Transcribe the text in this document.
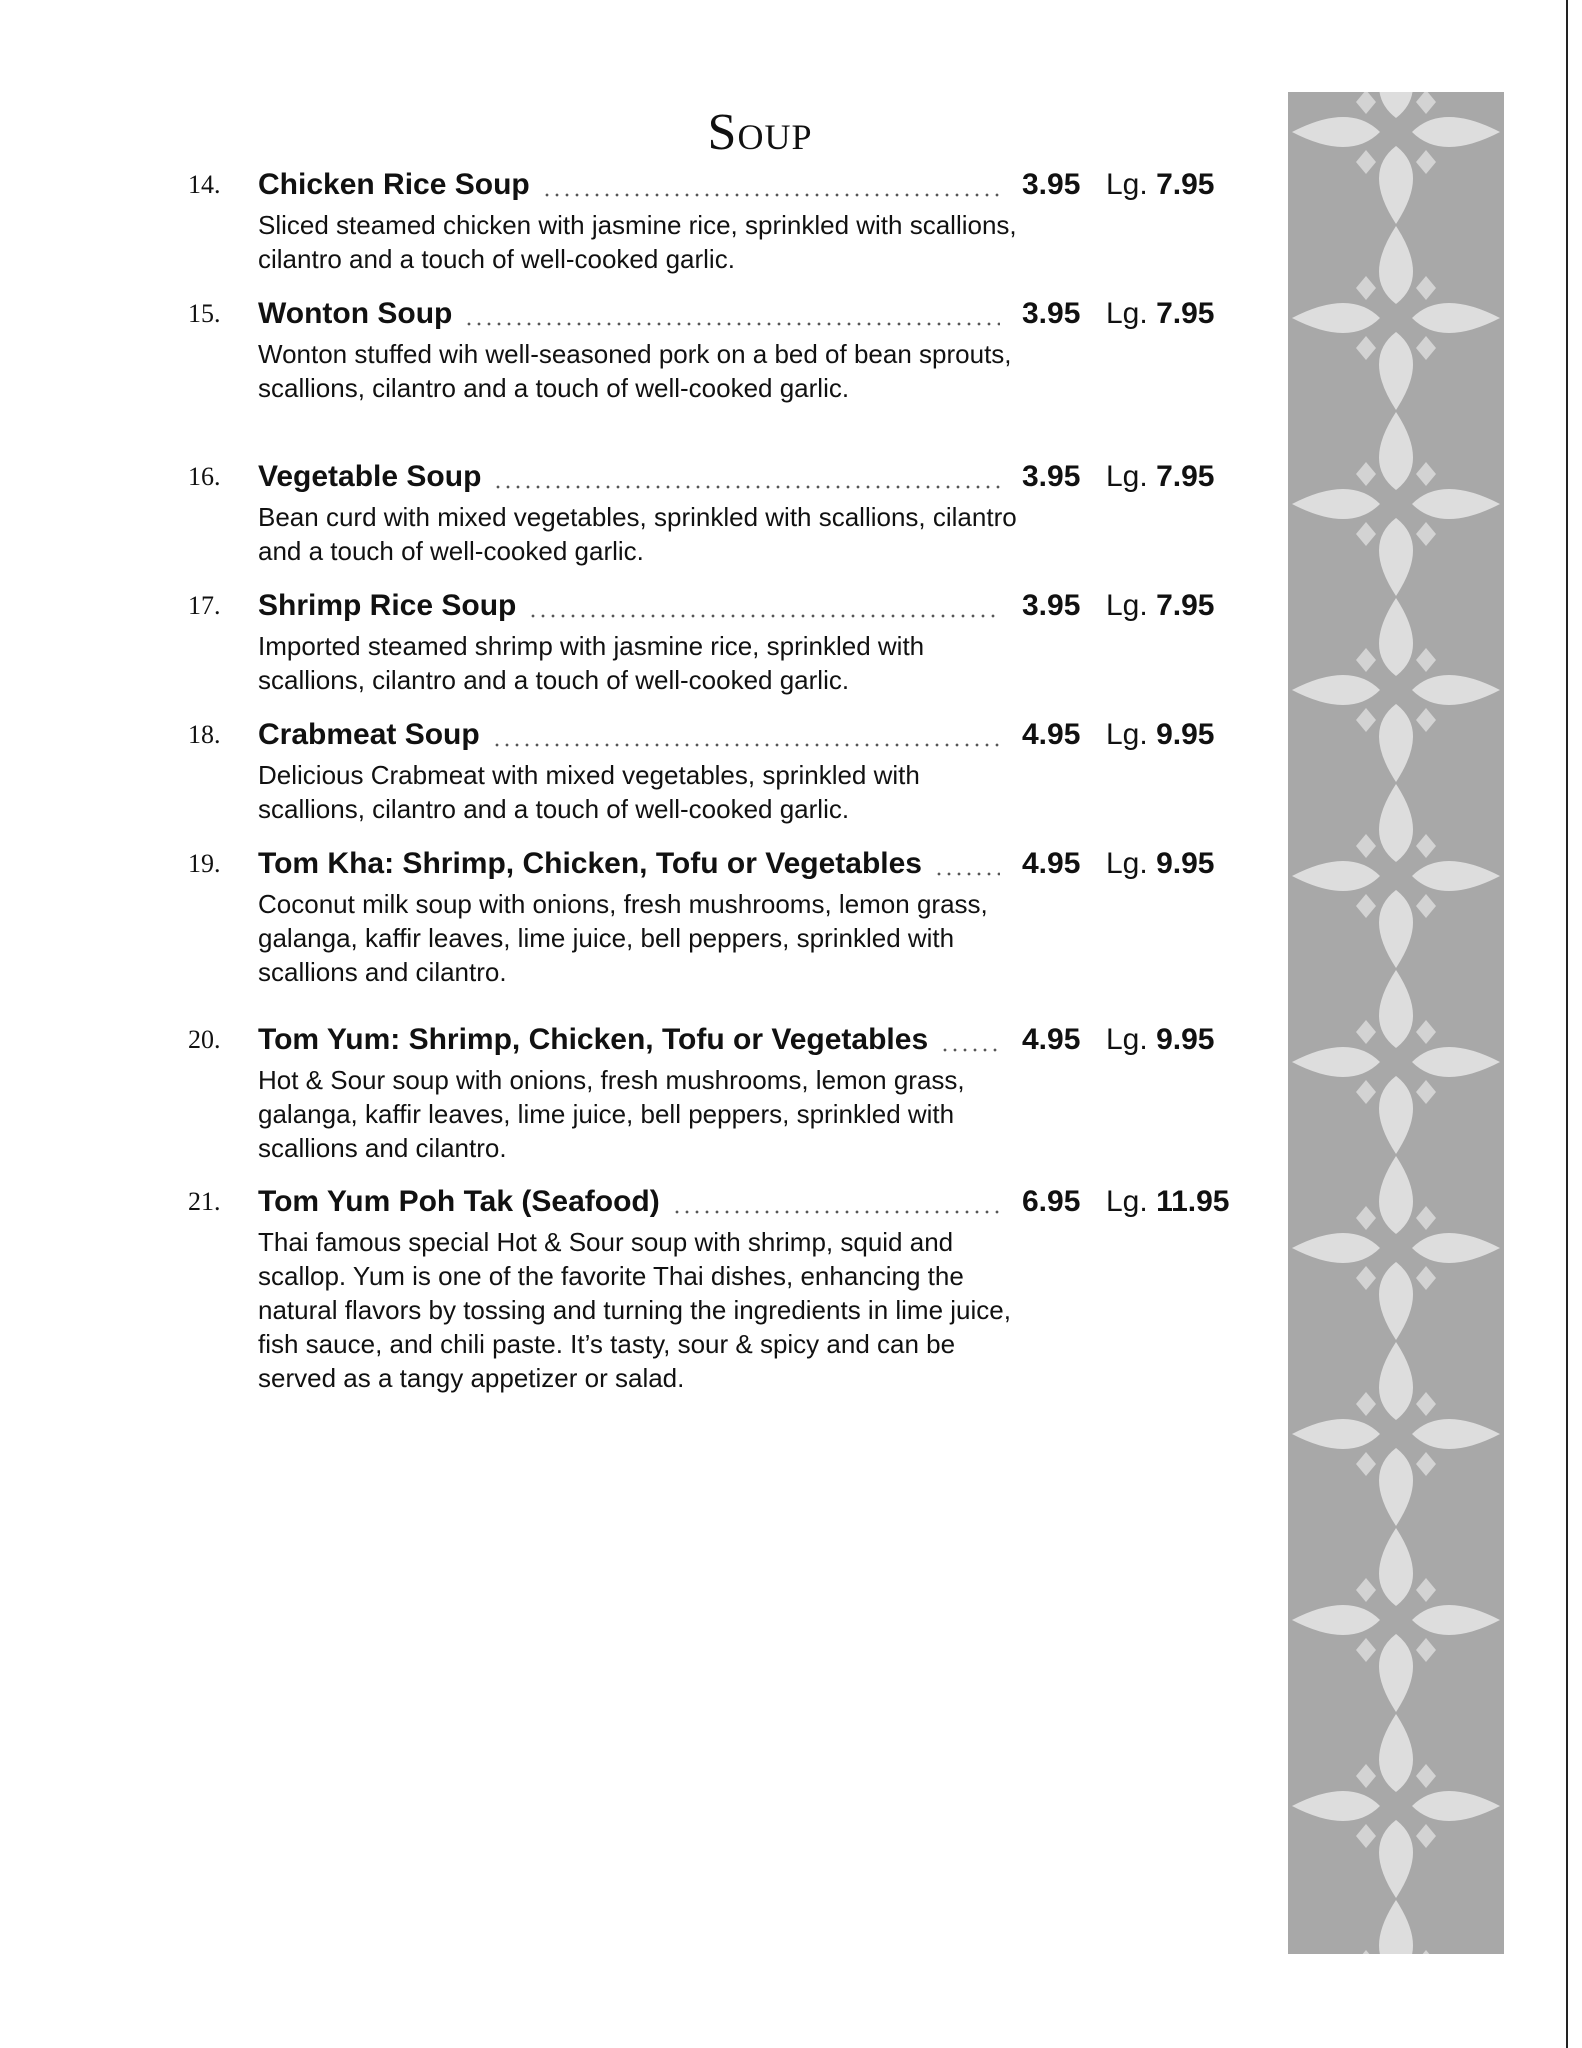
Soup
14. Chicken Rice Soup	3.95 Lg. 7.95
Sliced steamed chicken with jasmine rice, sprinkled with scallions, cilantro and a touch of well-cooked garlic.
15. Wonton Soup	3.95 Lg. 7.95
Wonton stuffed wih well-seasoned pork on a bed of bean sprouts, scallions, cilantro and a touch of well-cooked garlic.
16. Vegetable Soup	3.95 Lg. 7.95
Bean curd with mixed vegetables, sprinkled with scallions, cilantro and a touch of well-cooked garlic.
17. Shrimp Rice Soup	3.95 Lg. 7.95
Imported steamed shrimp with jasmine rice, sprinkled with scallions, cilantro and a touch of well-cooked garlic.
18. Crabmeat Soup	4.95 Lg. 9.95
Delicious Crabmeat with mixed vegetables, sprinkled with scallions, cilantro and a touch of well-cooked garlic.
19. Tom Kha: Shrimp, Chicken, Tofu or Vegetables	4.95 Lg. 9.95
Coconut milk soup with onions, fresh mushrooms, lemon grass, galanga, kaffir leaves, lime juice, bell peppers, sprinkled with scallions and cilantro.
20. Tom Yum: Shrimp, Chicken, Tofu or Vegetables	4.95 Lg. 9.95
Hot & Sour soup with onions, fresh mushrooms, lemon grass, galanga, kaffir leaves, lime juice, bell peppers, sprinkled with scallions and cilantro.
21. Tom Yum Poh Tak (Seafood)	6.95 Lg. 11.95
Thai famous special Hot & Sour soup with shrimp, squid and scallop. Yum is one of the favorite Thai dishes, enhancing the natural flavors by tossing and turning the ingredients in lime juice, fish sauce, and chili paste. It’s tasty, sour & spicy and can be served as a tangy appetizer or salad.
